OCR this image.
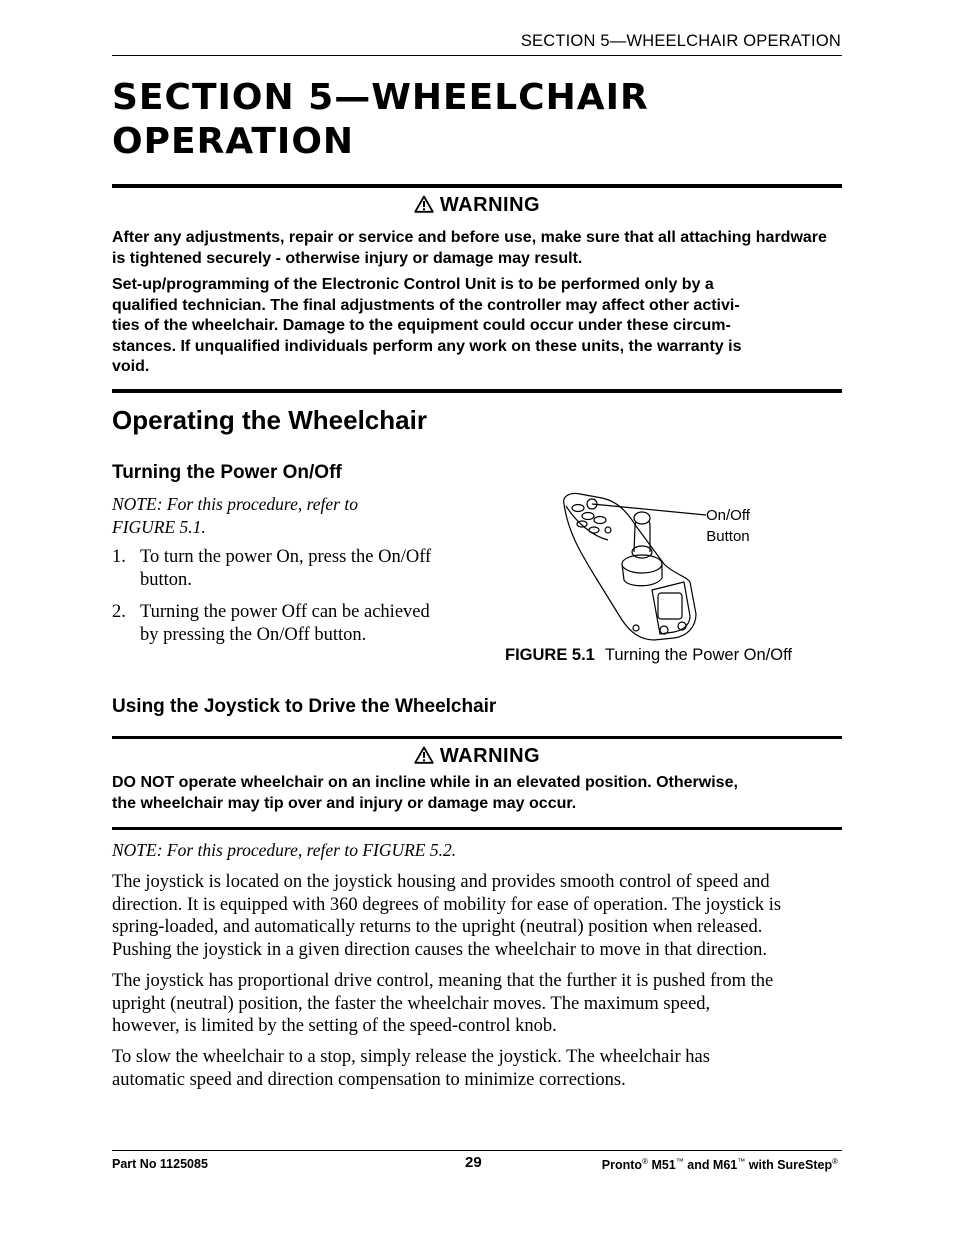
SECTION 5—WHEELCHAIR OPERATION
SECTION 5—WHEELCHAIR
OPERATION
WARNING

After any adjustments, repair or service and before use, make sure that all attaching hardware is tightened securely - otherwise injury or damage may result.

Set-up/programming of the Electronic Control Unit is to be performed only by a
qualified technician. The final adjustments of the controller may affect other activi-
ties of the wheelchair. Damage to the equipment could occur under these circum-
stances. If unqualified individuals perform any work on these units, the warranty is
void.

Operating the Wheelchair
Turning the Power On/Off

NOTE: For this procedure, refer to
FIGURE 5.1.

1. To turn the power On, press the On/Off
button.
2. Turning the power Off can be achieved
by pressing the On/Off button.
On/Off
Button
FIGURE 5.1 Turning the Power On/Off
Using the Joystick to Drive the Wheelchair
WARNING

DO NOT operate wheelchair on an incline while in an elevated position. Otherwise,
the wheelchair may tip over and injury or damage may occur.

NOTE: For this procedure, refer to FIGURE 5.2.

The joystick is located on the joystick housing and provides smooth control of speed and
direction. It is equipped with 360 degrees of mobility for ease of operation. The joystick is
spring-loaded, and automatically returns to the upright (neutral) position when released.
Pushing the joystick in a given direction causes the wheelchair to move in that direction.

The joystick has proportional drive control, meaning that the further it is pushed from the
upright (neutral) position, the faster the wheelchair moves. The maximum speed,
however, is limited by the setting of the speed-control knob.

To slow the wheelchair to a stop, simply release the joystick. The wheelchair has
automatic speed and direction compensation to minimize corrections.

Part No 1125085	29	Pronto® M51™ and M61™ with SureStep®
